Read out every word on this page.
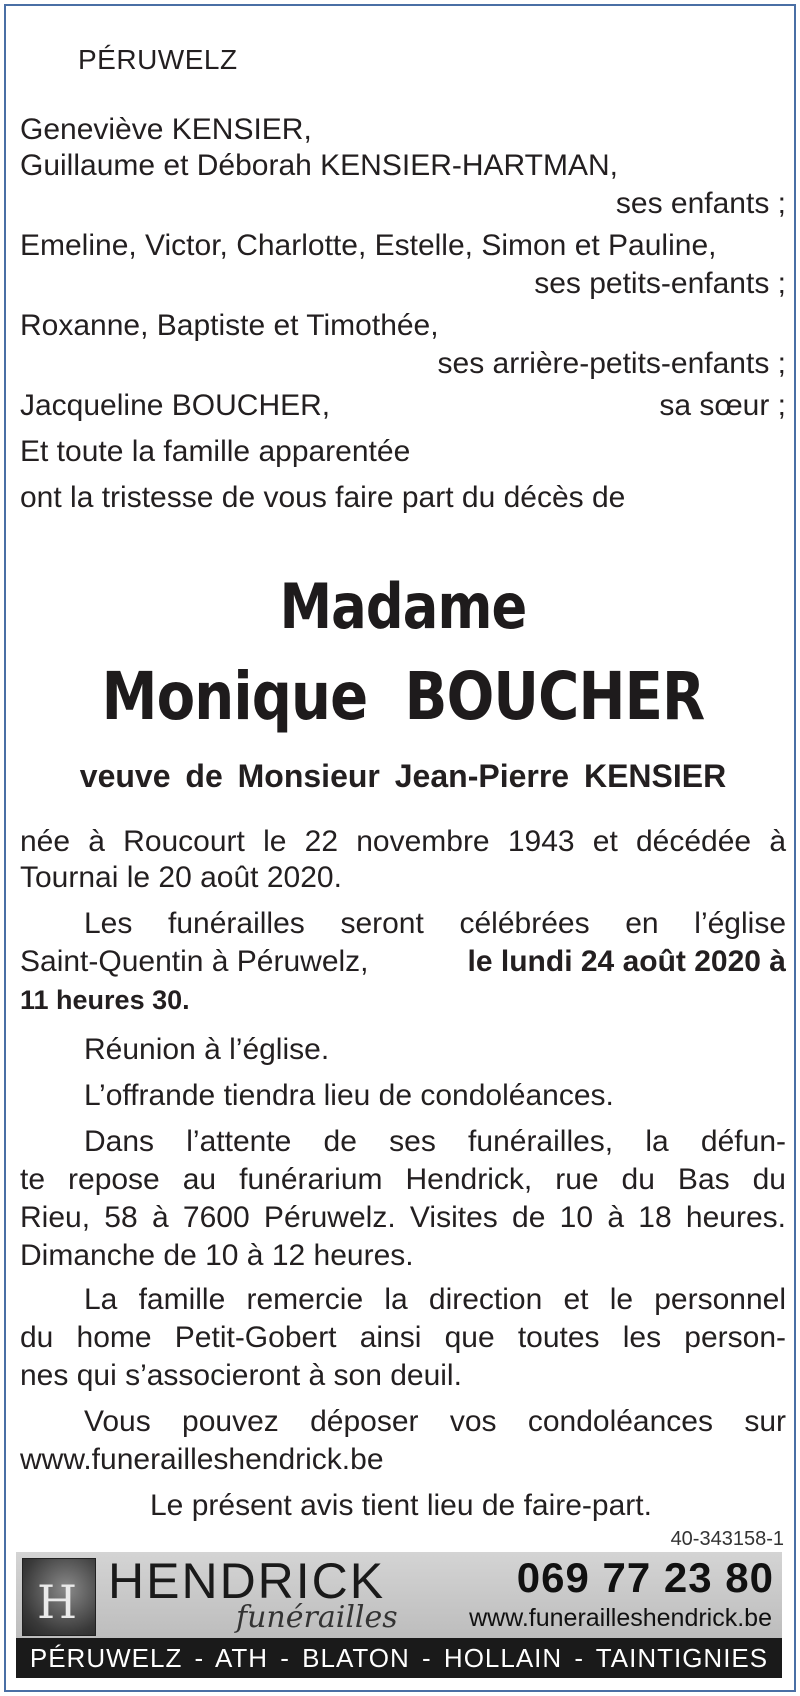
PÉRUWELZ
Geneviève KENSIER,
Guillaume et Déborah KENSIER-HARTMAN,
ses enfants ;
Emeline, Victor, Charlotte, Estelle, Simon et Pauline,
ses petits-enfants ;
Roxanne, Baptiste et Timothée,
ses arrière-petits-enfants ;
Jacqueline BOUCHER,	sa sœur ;
Et toute la famille apparentée
ont la tristesse de vous faire part du décès de
Madame
Monique  BOUCHER
veuve de Monsieur Jean-Pierre KENSIER
née à Roucourt le 22 novembre 1943 et décédée à
Tournai le 20 août 2020.
Les funérailles seront célébrées en l’église
Saint-Quentin à Péruwelz,	le lundi 24 août 2020 à
11 heures 30.
Réunion à l’église.
L’offrande tiendra lieu de condoléances.
Dans l’attente de ses funérailles, la défun-
te repose au funérarium Hendrick, rue du Bas du
Rieu, 58 à 7600 Péruwelz. Visites de 10 à 18 heures.
Dimanche de 10 à 12 heures.
La famille remercie la direction et le personnel
du home Petit-Gobert ainsi que toutes les person-
nes qui s’associeront à son deuil.
Vous pouvez déposer vos condoléances sur
www.funerailleshendrick.be
Le présent avis tient lieu de faire-part.
40-343158-1
H HENDRICK
funérailles
069 77 23 80
www.funerailleshendrick.be
PÉRUWELZ - ATH - BLATON - HOLLAIN - TAINTIGNIES
